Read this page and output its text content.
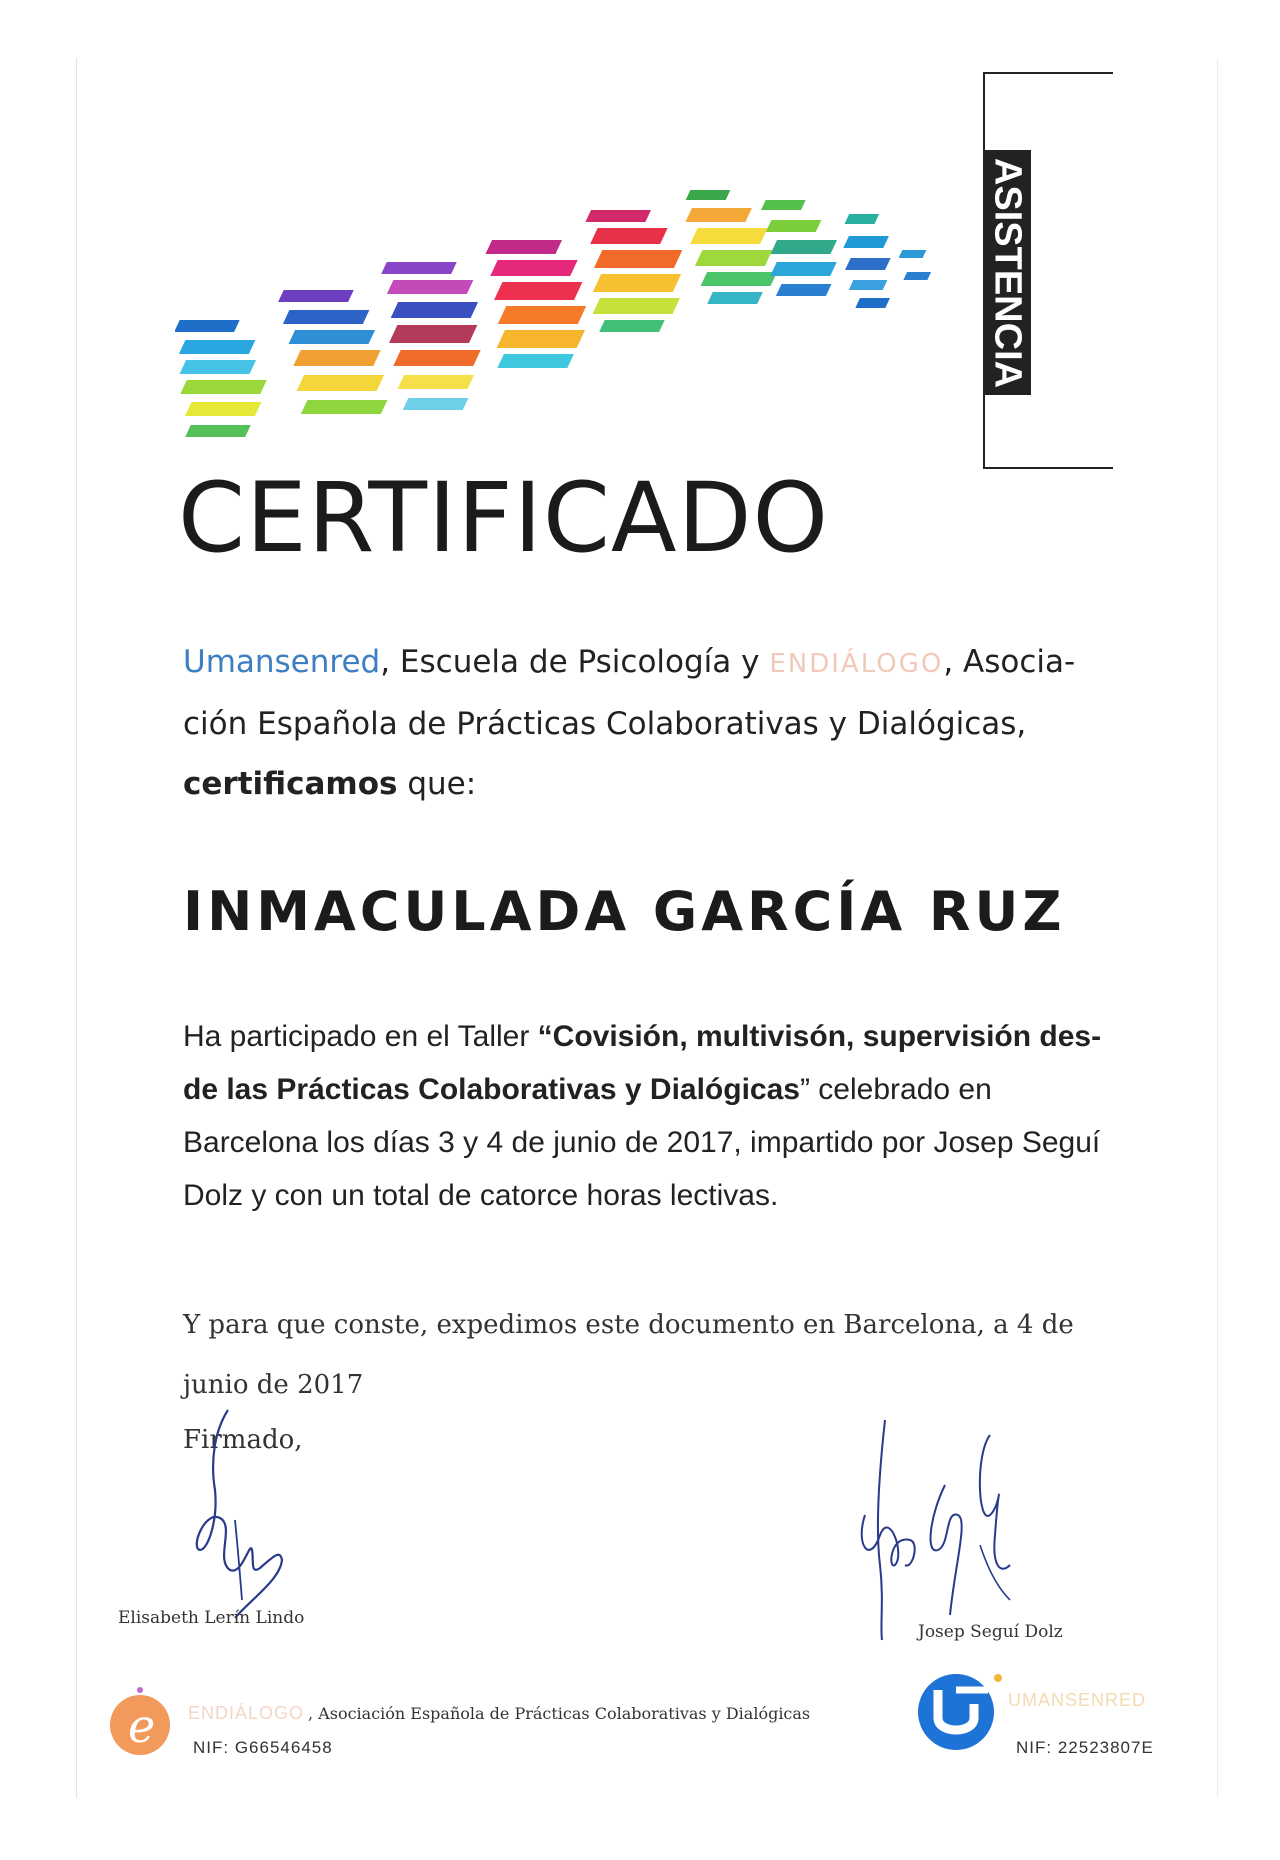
ASISTENCIA
CERTIFICADO
Umansenred, Escuela de Psicología y ENDIÁLOGO, Asocia-ción Española de Prácticas Colaborativas y Dialógicas, certificamos que:
INMACULADA GARCÍA RUZ
Ha participado en el Taller “Covisión, multivisón, supervisión des-de las Prácticas Colaborativas y Dialógicas” celebrado en Barcelona los días 3 y 4 de junio de 2017, impartido por Josep Seguí Dolz y con un total de catorce horas lectivas.
Y para que conste, expedimos este documento en Barcelona, a 4 de junio de 2017
Firmado,
Elisabeth Lerín Lindo
Josep Seguí Dolz
e ENDIÁLOGO , Asociación Española de Prácticas Colaborativas y Dialógicas
NIF: G66546458
UMANSENRED
NIF: 22523807E
